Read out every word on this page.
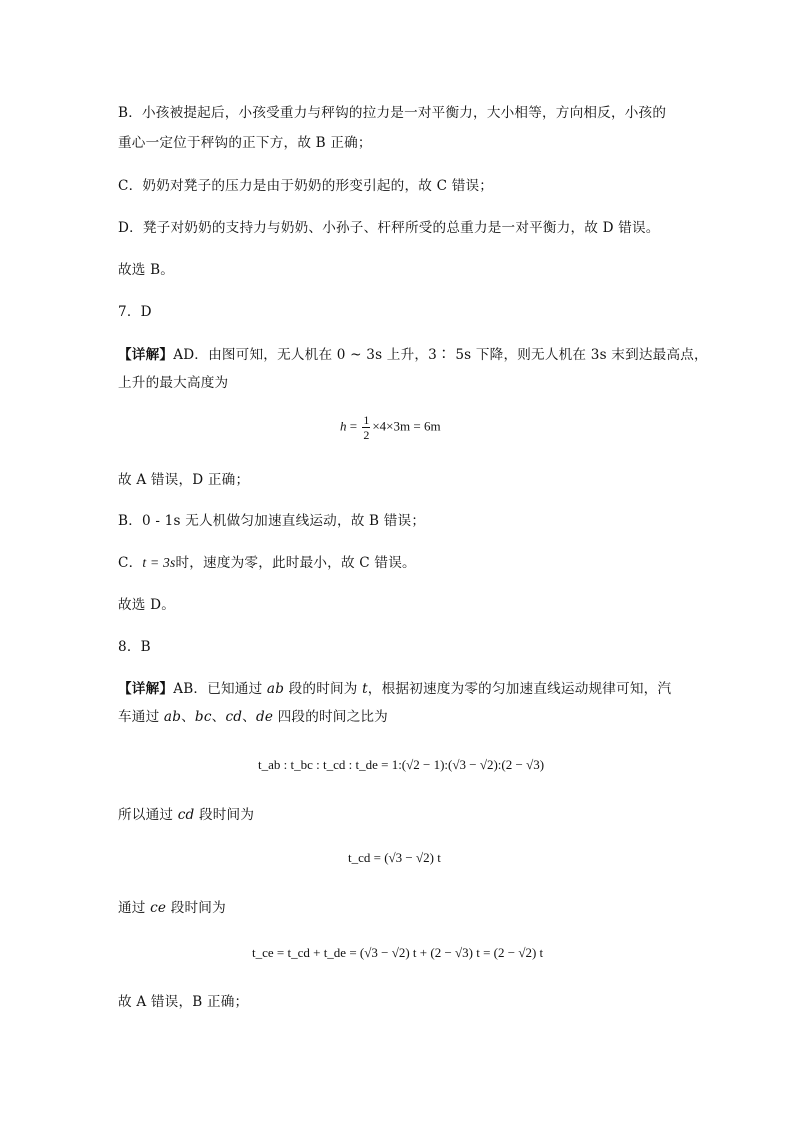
B．小孩被提起后，小孩受重力与秤钩的拉力是一对平衡力，大小相等，方向相反，小孩的
重心一定位于秤钩的正下方，故 B 正确；
C．奶奶对凳子的压力是由于奶奶的形变引起的，故 C 错误；
D．凳子对奶奶的支持力与奶奶、小孙子、杆秤所受的总重力是一对平衡力，故 D 错误。
故选 B。
7．D
【详解】AD．由图可知，无人机在 0 ~ 3s 上升，3∶ 5s 下降，则无人机在 3s 末到达最高点，
上升的最大高度为
$h = \frac{1}{2} \times 4\times 3m = 6m$
故 A 错误，D 正确；
B．0 - 1s 无人机做匀加速直线运动，故 B 错误；
C．t = 3s时，速度为零，此时最小，故 C 错误。
故选 D。
8．B
【详解】AB．已知通过 ab 段的时间为 t，根据初速度为零的匀加速直线运动规律可知，汽
车通过 ab、bc、cd、de 四段的时间之比为
t_ab : t_bc : t_cd : t_de = 1:(√2 − 1):(√3 − √2):(2 − √3)
所以通过 cd 段时间为
t_cd = (√3 − √2) t
通过 ce 段时间为
t_ce = t_cd + t_de = (√3 − √2) t + (2 − √3) t = (2 − √2) t
故 A 错误，B 正确；
